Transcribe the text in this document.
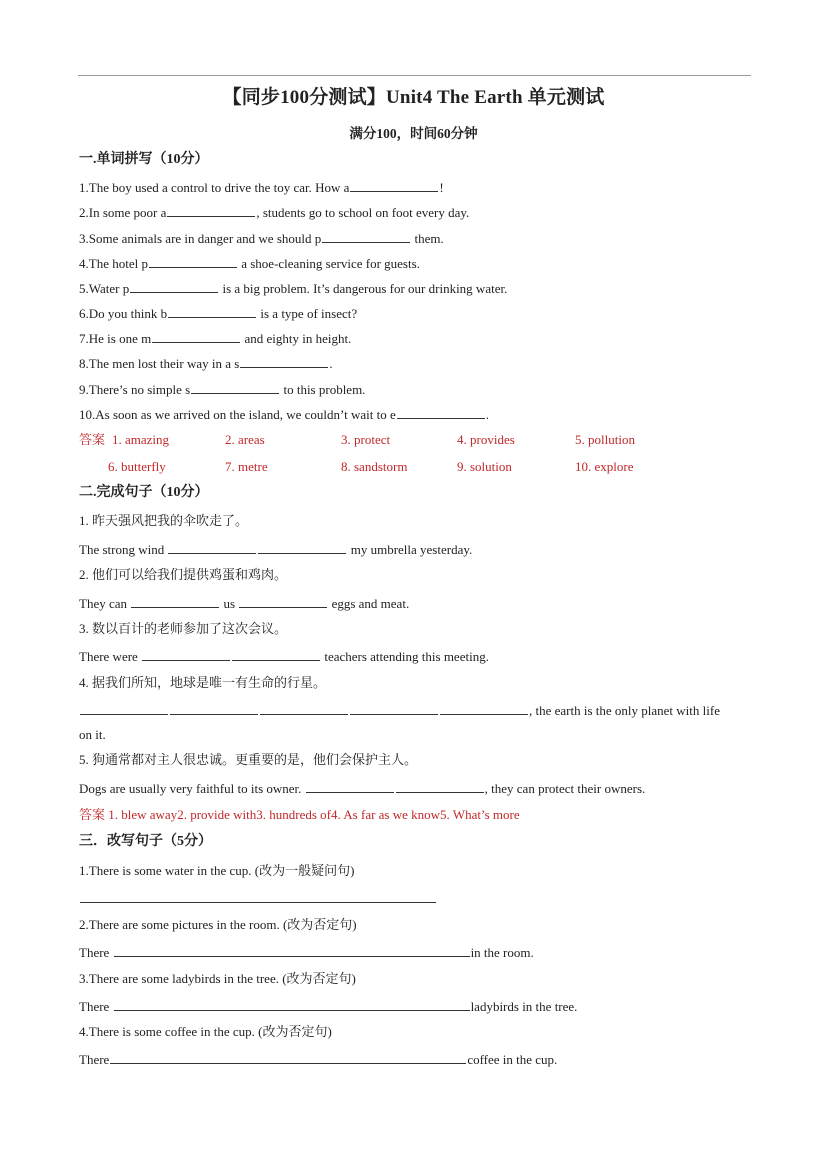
【同步100分测试】Unit4 The Earth 单元测试
满分100，时间60分钟
一.单词拼写（10分）
1.The boy used a control to drive the toy car. How a	!
2.In some poor a	, students go to school on foot every day.
3.Some animals are in danger and we should p	them.
4.The hotel p	a shoe-cleaning service for guests.
5.Water p	is a big problem. It’s dangerous for our drinking water.
6.Do you think b	is a type of insect?
7.He is one m	and eighty in height.
8.The men lost their way in a s	.
9.There’s no simple s	to this problem.
10.As soon as we arrived on the island, we couldn’t wait to e	.
答案 1. amazing	2. areas	3. protect	4. provides	5. pollution
6. butterfly	7. metre	8. sandstorm	9. solution	10. explore
二.完成句子（10分）
1. 昨天强风把我的伞吹走了。
The strong wind	my umbrella yesterday.
2. 他们可以给我们提供鸡蛋和鸡肉。
They can	us	eggs and meat.
3. 数以百计的老师参加了这次会议。
There were	teachers attending this meeting.
4. 据我们所知，地球是唯一有生命的行星。
, the earth is the only planet with life
on it.
5. 狗通常都对主人很忠诚。更重要的是，他们会保护主人。
Dogs are usually very faithful to its owner.	, they can protect their owners.
答案 1. blew away2. provide with3. hundreds of4. As far as we know5. What’s more
三．改写句子（5分）
1.There is some water in the cup. (改为一般疑问句)
2.There are some pictures in the room. (改为否定句)
There	in the room.
3.There are some ladybirds in the tree. (改为否定句)
There	ladybirds in the tree.
4.There is some coffee in the cup. (改为否定句)
There	coffee in the cup.
